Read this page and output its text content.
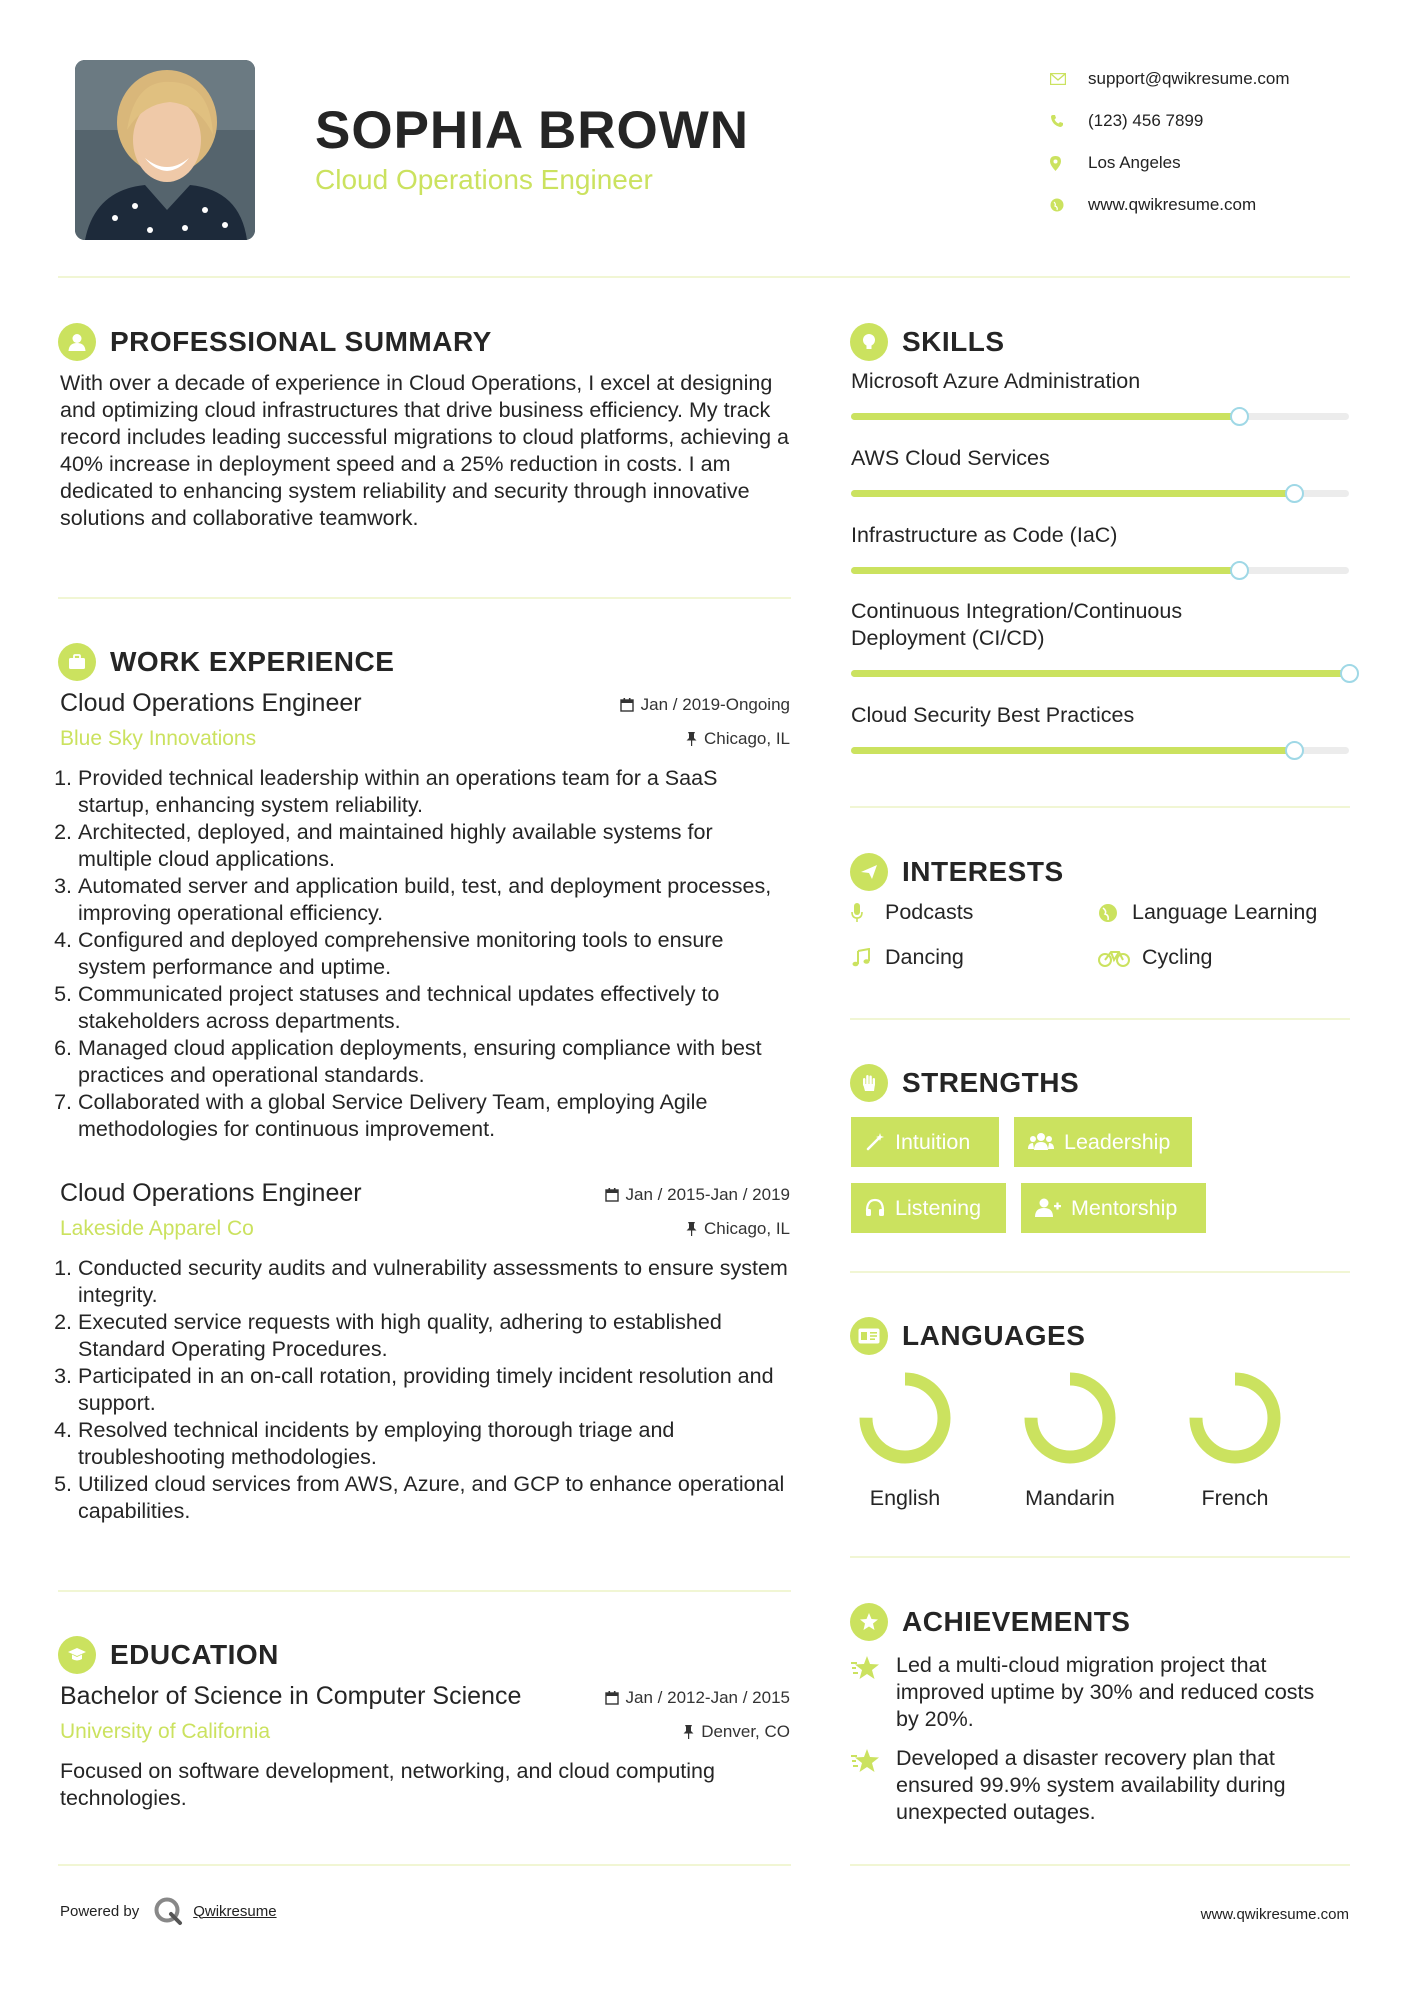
SOPHIA BROWN
Cloud Operations Engineer
support@qwikresume.com
(123) 456 7899
Los Angeles
www.qwikresume.com
PROFESSIONAL SUMMARY

With over a decade of experience in Cloud Operations, I excel at designing and optimizing cloud infrastructures that drive business efficiency. My track record includes leading successful migrations to cloud platforms, achieving a 40% increase in deployment speed and a 25% reduction in costs. I am dedicated to enhancing system reliability and security through innovative solutions and collaborative teamwork.

WORK EXPERIENCE
Cloud Operations Engineer	Jan / 2019-Ongoing
Blue Sky Innovations	Chicago, IL
1. Provided technical leadership within an operations team for a SaaS startup, enhancing system reliability.
2. Architected, deployed, and maintained highly available systems for multiple cloud applications.
3. Automated server and application build, test, and deployment processes, improving operational efficiency.
4. Configured and deployed comprehensive monitoring tools to ensure system performance and uptime.
5. Communicated project statuses and technical updates effectively to stakeholders across departments.
6. Managed cloud application deployments, ensuring compliance with best practices and operational standards.
7. Collaborated with a global Service Delivery Team, employing Agile methodologies for continuous improvement.
Cloud Operations Engineer	Jan / 2015-Jan / 2019
Lakeside Apparel Co	Chicago, IL
1. Conducted security audits and vulnerability assessments to ensure system integrity.
2. Executed service requests with high quality, adhering to established Standard Operating Procedures.
3. Participated in an on-call rotation, providing timely incident resolution and support.
4. Resolved technical incidents by employing thorough triage and troubleshooting methodologies.
5. Utilized cloud services from AWS, Azure, and GCP to enhance operational capabilities.
EDUCATION
Bachelor of Science in Computer Science	Jan / 2012-Jan / 2015
University of California	Denver, CO

Focused on software development, networking, and cloud computing technologies.

SKILLS
Microsoft Azure Administration
AWS Cloud Services
Infrastructure as Code (IaC)
Continuous Integration/Continuous Deployment (CI/CD)
Cloud Security Best Practices
INTERESTS
Podcasts	Language Learning
Dancing	Cycling
STRENGTHS
Intuition	Leadership
Listening	Mentorship
LANGUAGES
English	Mandarin	French
ACHIEVEMENTS
Led a multi-cloud migration project that improved uptime by 30% and reduced costs by 20%.
Developed a disaster recovery plan that ensured 99.9% system availability during unexpected outages.
Powered by	Qwikresume	www.qwikresume.com
